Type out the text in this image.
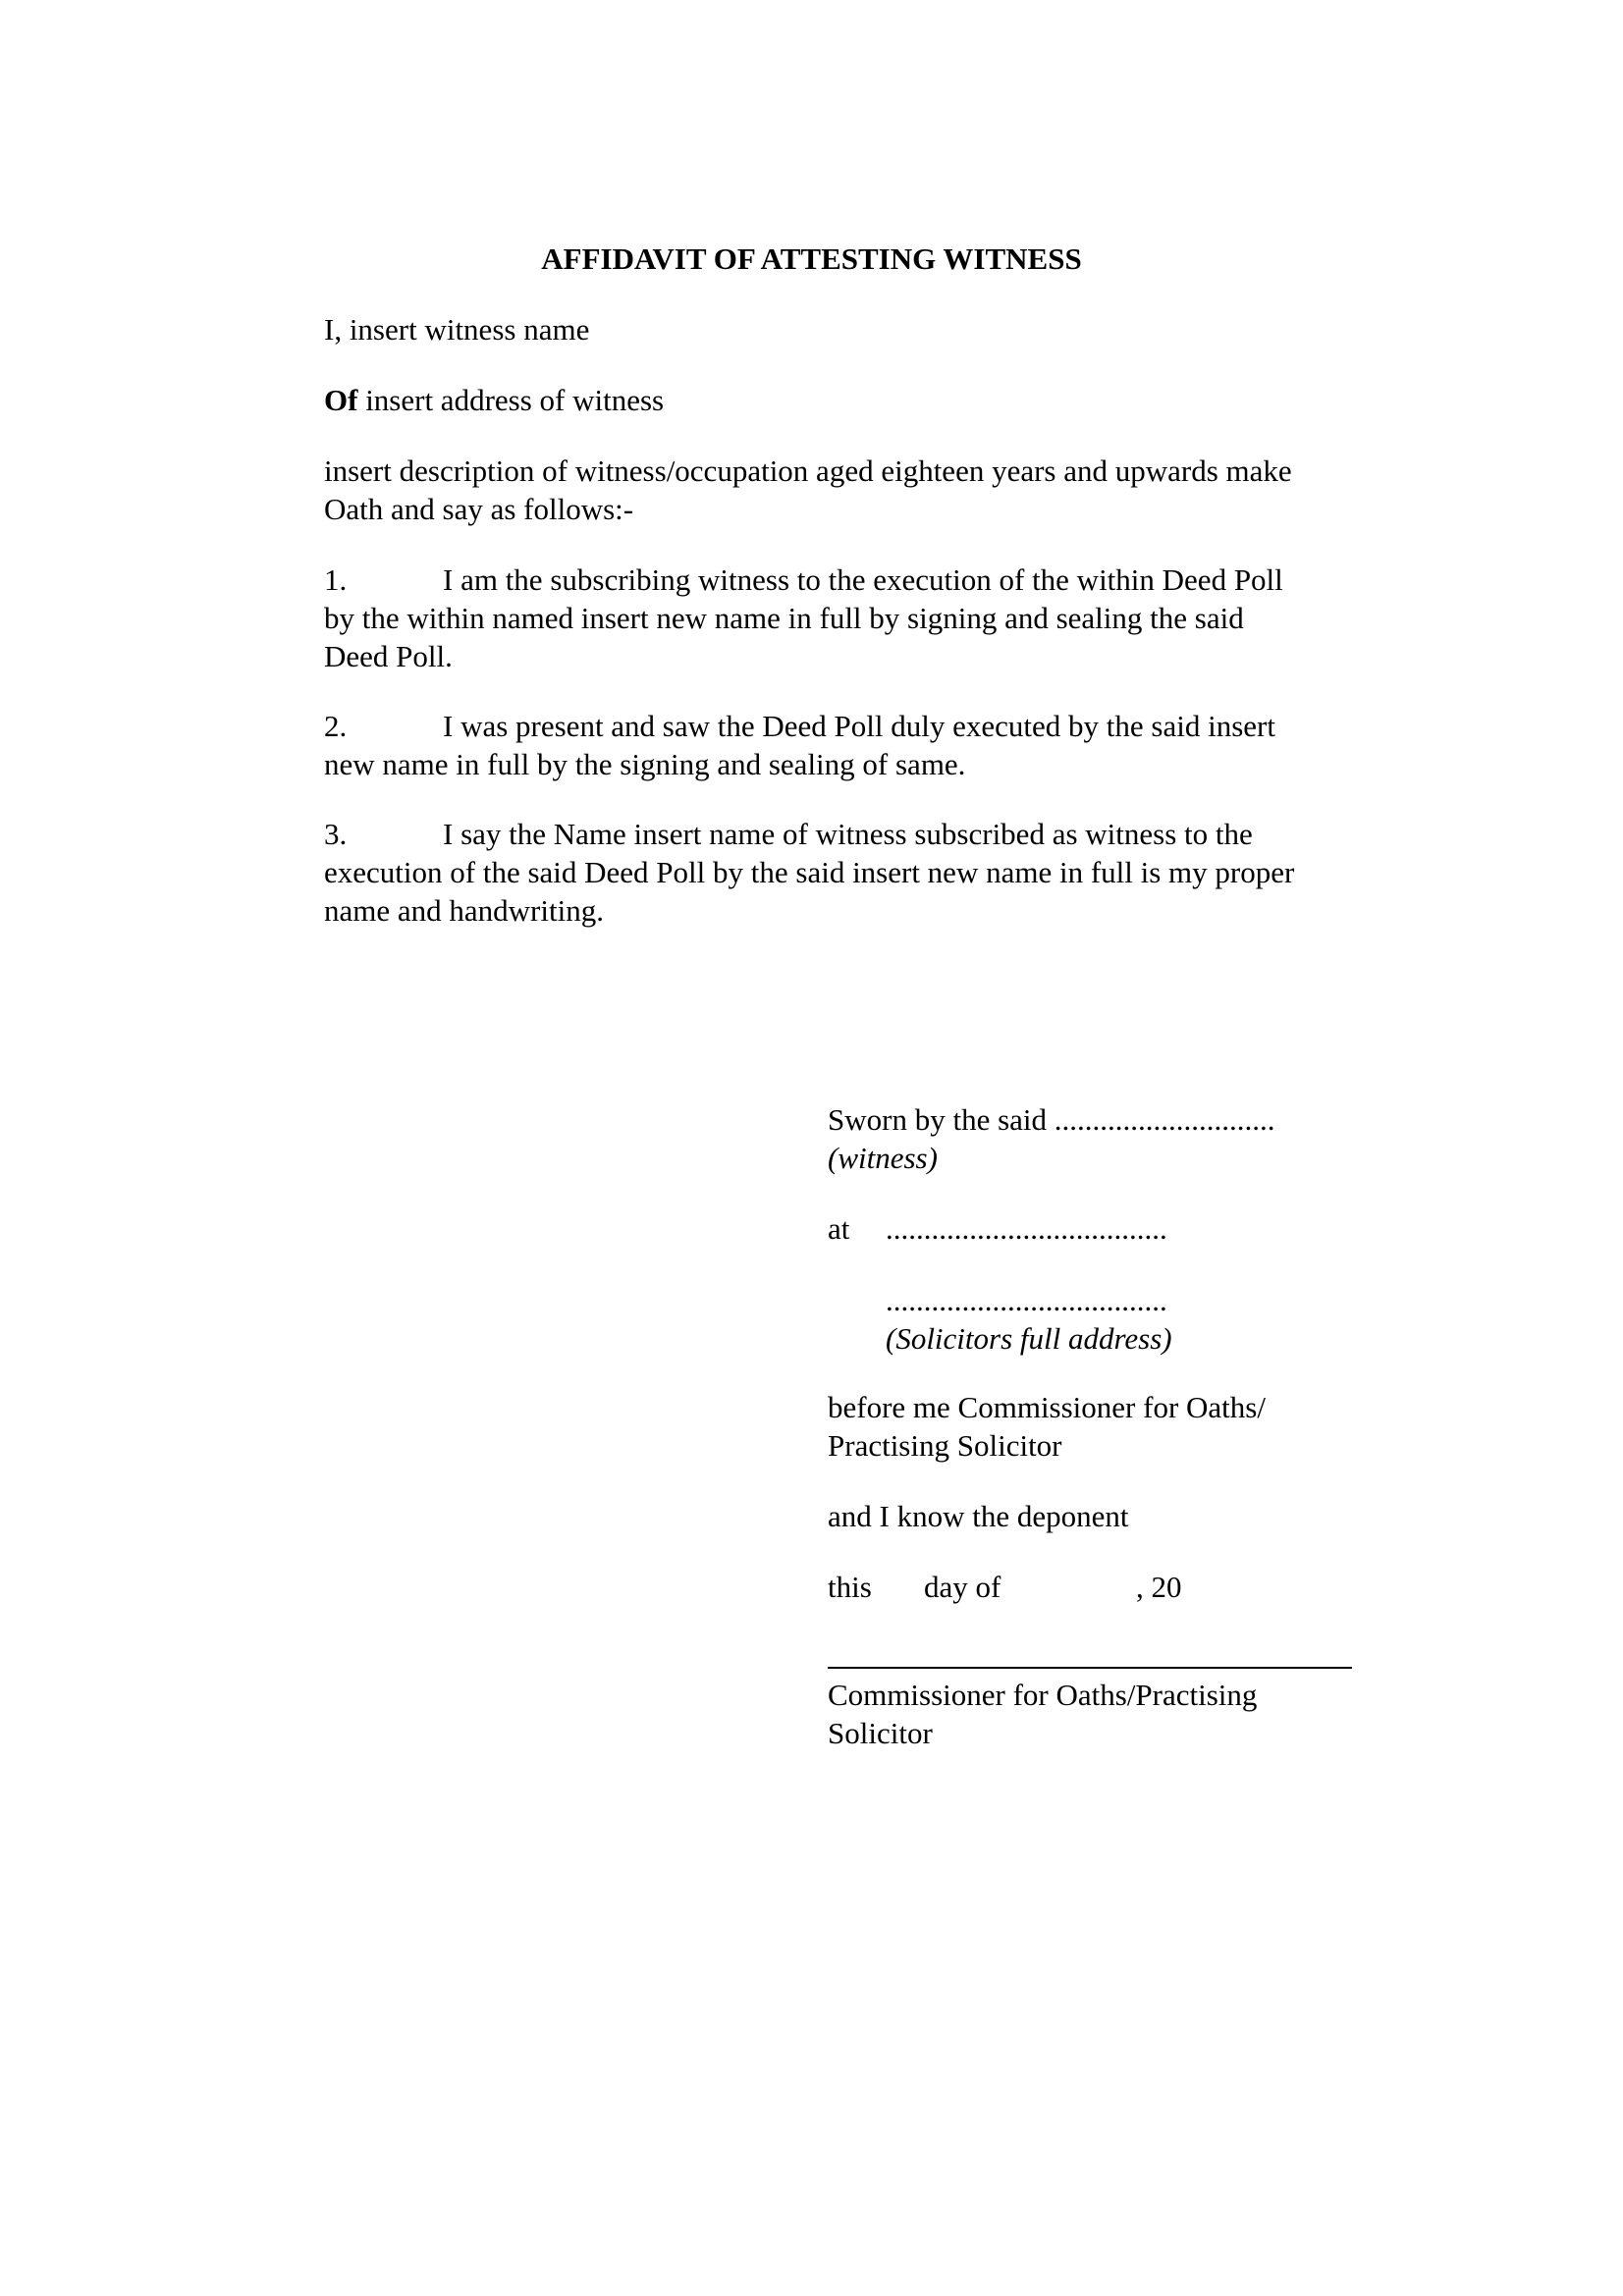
AFFIDAVIT OF ATTESTING WITNESS

I, insert witness name

Of insert address of witness

insert description of witness/occupation aged eighteen years and upwards make
Oath and say as follows:-

1.	I am the subscribing witness to the execution of the within Deed Poll
by the within named insert new name in full by signing and sealing the said
Deed Poll.

2.	I was present and saw the Deed Poll duly executed by the said insert
new name in full by the signing and sealing of same.

3.	I say the Name insert name of witness subscribed as witness to the
execution of the said Deed Poll by the said insert new name in full is my proper
name and handwriting.

Sworn by the said .............................
(witness)

at .....................................

.....................................
(Solicitors full address)

before me Commissioner for Oaths/
Practising Solicitor

and I know the deponent

this day of	, 20

Commissioner for Oaths/Practising
Solicitor
